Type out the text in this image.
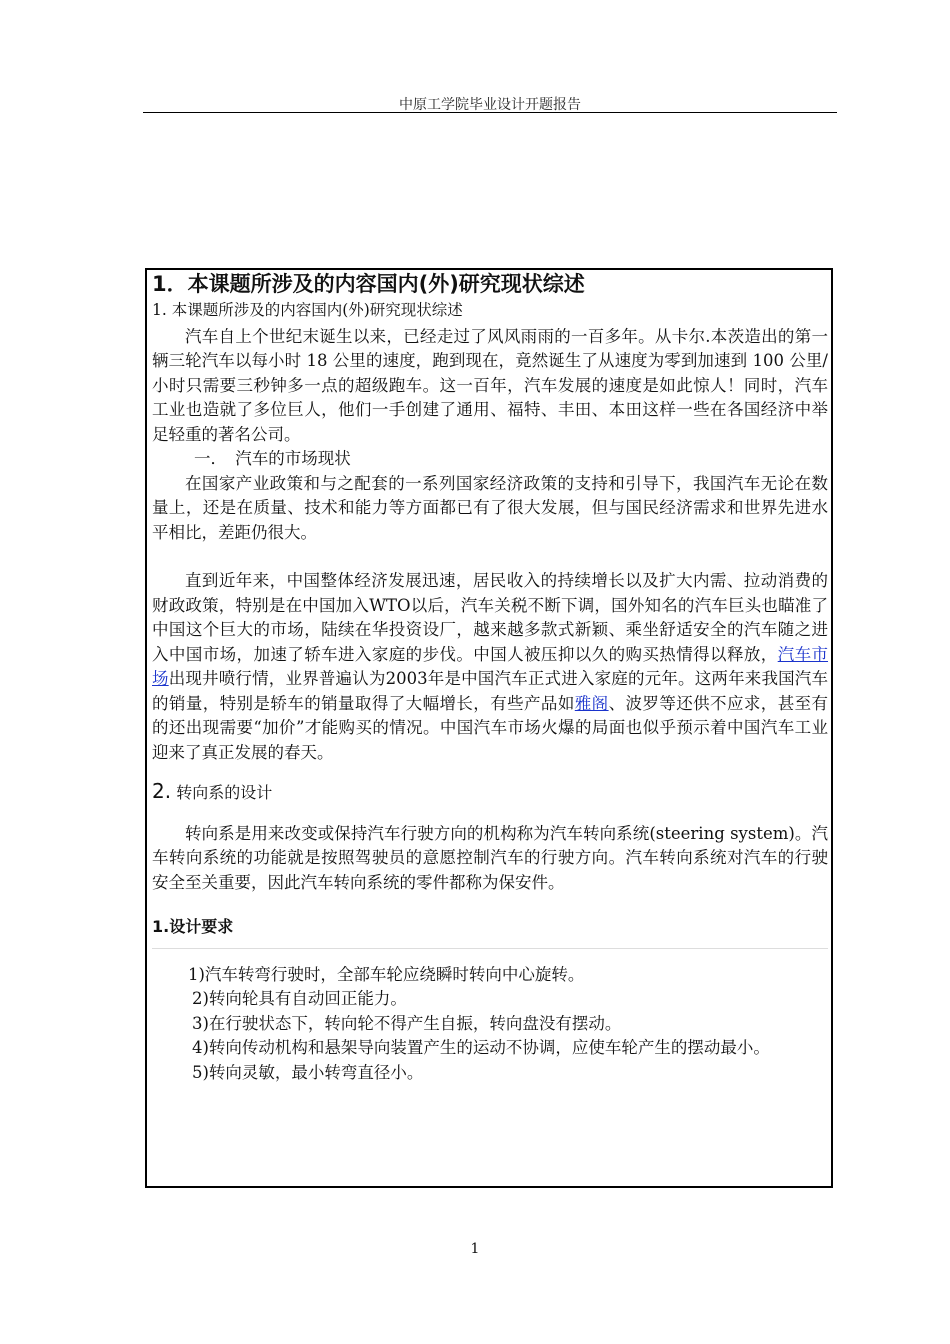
中原工学院毕业设计开题报告

1．本课题所涉及的内容国内(外)研究现状综述

1. 本课题所涉及的内容国内(外)研究现状综述

汽车自上个世纪末诞生以来，已经走过了风风雨雨的一百多年。从卡尔.本茨造出的第一辆三轮汽车以每小时 18 公里的速度，跑到现在，竟然诞生了从速度为零到加速到 100 公里/小时只需要三秒钟多一点的超级跑车。这一百年，汽车发展的速度是如此惊人！同时，汽车工业也造就了多位巨人，他们一手创建了通用、福特、丰田、本田这样一些在各国经济中举足轻重的著名公司。

一．　汽车的市场现状

在国家产业政策和与之配套的一系列国家经济政策的支持和引导下，我国汽车无论在数量上，还是在质量、技术和能力等方面都已有了很大发展，但与国民经济需求和世界先进水平相比，差距仍很大。

直到近年来，中国整体经济发展迅速，居民收入的持续增长以及扩大内需、拉动消费的财政政策，特别是在中国加入WTO以后，汽车关税不断下调，国外知名的汽车巨头也瞄准了中国这个巨大的市场，陆续在华投资设厂，越来越多款式新颖、乘坐舒适安全的汽车随之进入中国市场，加速了轿车进入家庭的步伐。中国人被压抑以久的购买热情得以释放，汽车市场出现井喷行情，业界普遍认为2003年是中国汽车正式进入家庭的元年。这两年来我国汽车的销量，特别是轿车的销量取得了大幅增长，有些产品如雅阁、波罗等还供不应求，甚至有的还出现需要“加价”才能购买的情况。中国汽车市场火爆的局面也似乎预示着中国汽车工业迎来了真正发展的春天。

2. 转向系的设计

转向系是用来改变或保持汽车行驶方向的机构称为汽车转向系统(steering system)。汽车转向系统的功能就是按照驾驶员的意愿控制汽车的行驶方向。汽车转向系统对汽车的行驶安全至关重要，因此汽车转向系统的零件都称为保安件。

1.设计要求

1)汽车转弯行驶时，全部车轮应绕瞬时转向中心旋转。

2)转向轮具有自动回正能力。

3)在行驶状态下，转向轮不得产生自振，转向盘没有摆动。

4)转向传动机构和悬架导向装置产生的运动不协调，应使车轮产生的摆动最小。

5)转向灵敏，最小转弯直径小。

1
